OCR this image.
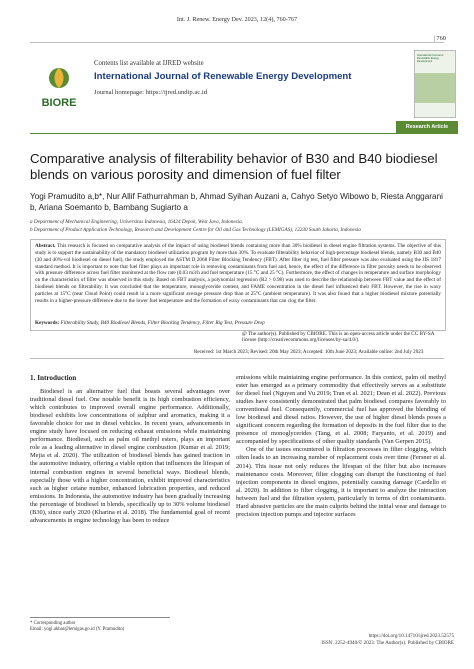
Int. J. Renew. Energy Dev. 2023, 12(4), 760-767
| 760
BIORE
Contents list available at IJRED website
International Journal of Renewable Energy Development
Journal homepage: https://ijred.undip.ac.id
International Journal of Renewable Energy Development
Research Article
Comparative analysis of filterability behavior of B30 and B40 biodiesel blends on various porosity and dimension of fuel filter
Yogi Pramudito a,b*, Nur Allif Fathurrahman b, Ahmad Syihan Auzani a, Cahyo Setyo Wibowo b, Riesta Anggarani b, Ariana Soemanto b, Bambang Sugiarto a
a Department of Mechanical Engineering, Universitas Indonesia, 16424 Depok, West Java, Indonesia.
b Department of Product Application Technology, Research and Development Centre for Oil and Gas Technology (LEMIGAS), 12230 South Jakarta, Indonesia
Abstract. This research is focused on comparative analysis of the impact of using biodiesel blends containing more than 30% biodiesel in diesel engine filtration systems. The objective of this study is to support the sustainability of the mandatory biodiesel utilization program by more than 30%. To evaluate filterability behavior of high-percentage biodiesel blends, namely B30 and B40 (30 and 40%-vol biodiesel on diesel fuel), the study employed the ASTM D 2068 Filter Blocking Tendency (FBT). After filter rig test, fuel filter pressure was also evaluated using the JIS 1817 standard method. It is important to note that fuel filter plays an important role in removing contaminants from fuel and, hence, the effect of the difference in filter porosity needs to be observed with pressure difference across fuel filter monitored at the flow rate (0.03 m3/h and fuel temperature (15 °C and 25 °C). Furthermore, the effect of changes in temperature and surface morphology on the characteristics of filter was observed in this study. Based on FBT analysis, a polynomial regression (R2 > 0.98) was used to describe the relationship between FBT value and the effect of biodiesel blends on filterability. It was concluded that the temperature, monoglyceride content, and FAME concentration in the diesel fuel influenced their FBT. However, the rise in waxy particles at 15°C (near Cloud Point) could result in a more significant average pressure drop than at 25°C (ambient temperature). It was also found that a higher biodiesel mixture potentially results in a higher-pressure difference due to the lower fuel temperature and the formation of waxy contaminants that can clog the filter.
Keywords: Filterability Study, B40 Biodiesel Blends, Filter Blocking Tendency, Filter Rig Test, Pressure Drop
@ The author(s). Published by CBIORE. This is an open-access article under the CC BY-SA license (http://creativecommons.org/licenses/by-sa/4.0/).
Received: 1st March 2023; Revised: 20th May 2023; Accepted: 10th June 2023; Available online: 2nd July 2023
1. Introduction

Biodiesel is an alternative fuel that boasts several advantages over traditional diesel fuel. One notable benefit is its high combustion efficiency, which contributes to improved overall engine performance. Additionally, biodiesel exhibits low concentrations of sulphur and aromatics, making it a favorable choice for use in diesel vehicles. In recent years, advancements in engine study have focused on reducing exhaust emissions while maintaining performance. Biodiesel, such as palm oil methyl esters, plays an important role as a leading alternative in diesel engine combustion (Kumar et al. 2019; Mejia et al. 2020). The utilization of biodiesel blends has gained traction in the automotive industry, offering a viable option that influences the lifespan of internal combustion engines in several beneficial ways. Biodiesel blends, especially those with a higher concentration, exhibit improved characteristics such as higher cetane number, enhanced lubrication properties, and reduced emissions. In Indonesia, the automotive industry has been gradually increasing the percentage of biodiesel in blends, specifically up to 30% volume biodiesel (B30), since early 2020 (Kharina et al. 2018). The fundamental goal of recent advancements in engine technology has been to reduce

emissions while maintaining engine performance. In this context, palm oil methyl ester has emerged as a primary commodity that effectively serves as a substitute for diesel fuel (Nguyen and Vu 2019; Tran et al. 2021; Dean et al. 2022). Previous studies have consistently demonstrated that palm biodiesel compares favorably to conventional fuel. Consequently, commercial fuel has approved the blending of low biodiesel and diesel ratios. However, the use of higher diesel blends poses a significant concern regarding the formation of deposits in the fuel filter due to the presence of monoglycerides (Tang, et al. 2008; Faryanto, et al. 2019) and accompanied by specifications of other quality standards (Van Gerpen 2015).

One of the issues encountered is filtration processes in filter clogging, which often leads to an increasing number of replacement costs over time (Fersner et al. 2014). This issue not only reduces the lifespan of the filter but also increases maintenance costs. Moreover, filter clogging can disrupt the functioning of fuel injection components in diesel engines, potentially causing damage (Cardello et al. 2020). In addition to filter clogging, it is important to analyze the interaction between fuel and the filtration system, particularly in terms of dirt contaminants. Hard abrasive particles are the main culprits behind the initial wear and damage to precision injection pumps and injector surfaces

* Corresponding author
Email: yogi.akbar@lemigas.go.id (Y. Pramudito)
https://doi.org/10.14710/ijred.2023.52575
ISSN: 2252-4940/© 2023. The Author(s). Published by CBIORE
